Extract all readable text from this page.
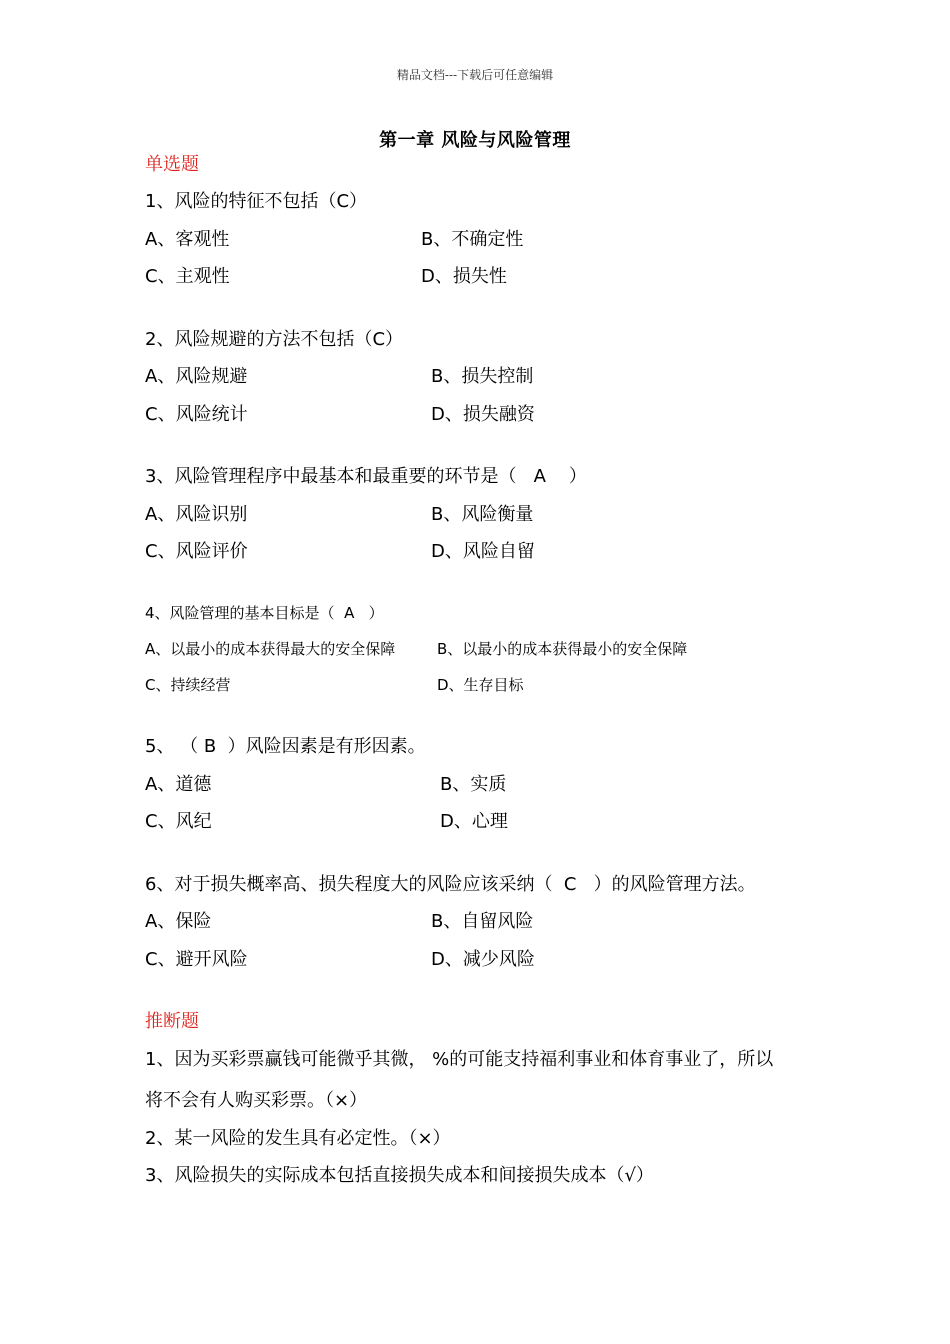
精品文档---下载后可任意编辑
第一章 风险与风险管理
单选题
1、风险的特征不包括（C）
A、客观性	B、不确定性
C、主观性	D、损失性
2、风险规避的方法不包括（C）
A、风险规避	B、损失控制
C、风险统计	D、损失融资
3、风险管理程序中最基本和最重要的环节是（   A    ）
A、风险识别	B、风险衡量
C、风险评价	D、风险自留
4、风险管理的基本目标是（  A   ）
A、以最小的成本获得最大的安全保障	B、以最小的成本获得最小的安全保障
C、持续经营	D、生存目标
5、 （ B  ）风险因素是有形因素。
A、道德	B、实质
C、风纪	D、心理
6、对于损失概率高、损失程度大的风险应该采纳（  C   ）的风险管理方法。
A、保险	B、自留风险
C、避开风险	D、减少风险
推断题
1、因为买彩票赢钱可能微乎其微， %的可能支持福利事业和体育事业了，所以
将不会有人购买彩票。（×）
2、某一风险的发生具有必定性。（×）
3、风险损失的实际成本包括直接损失成本和间接损失成本（√）
